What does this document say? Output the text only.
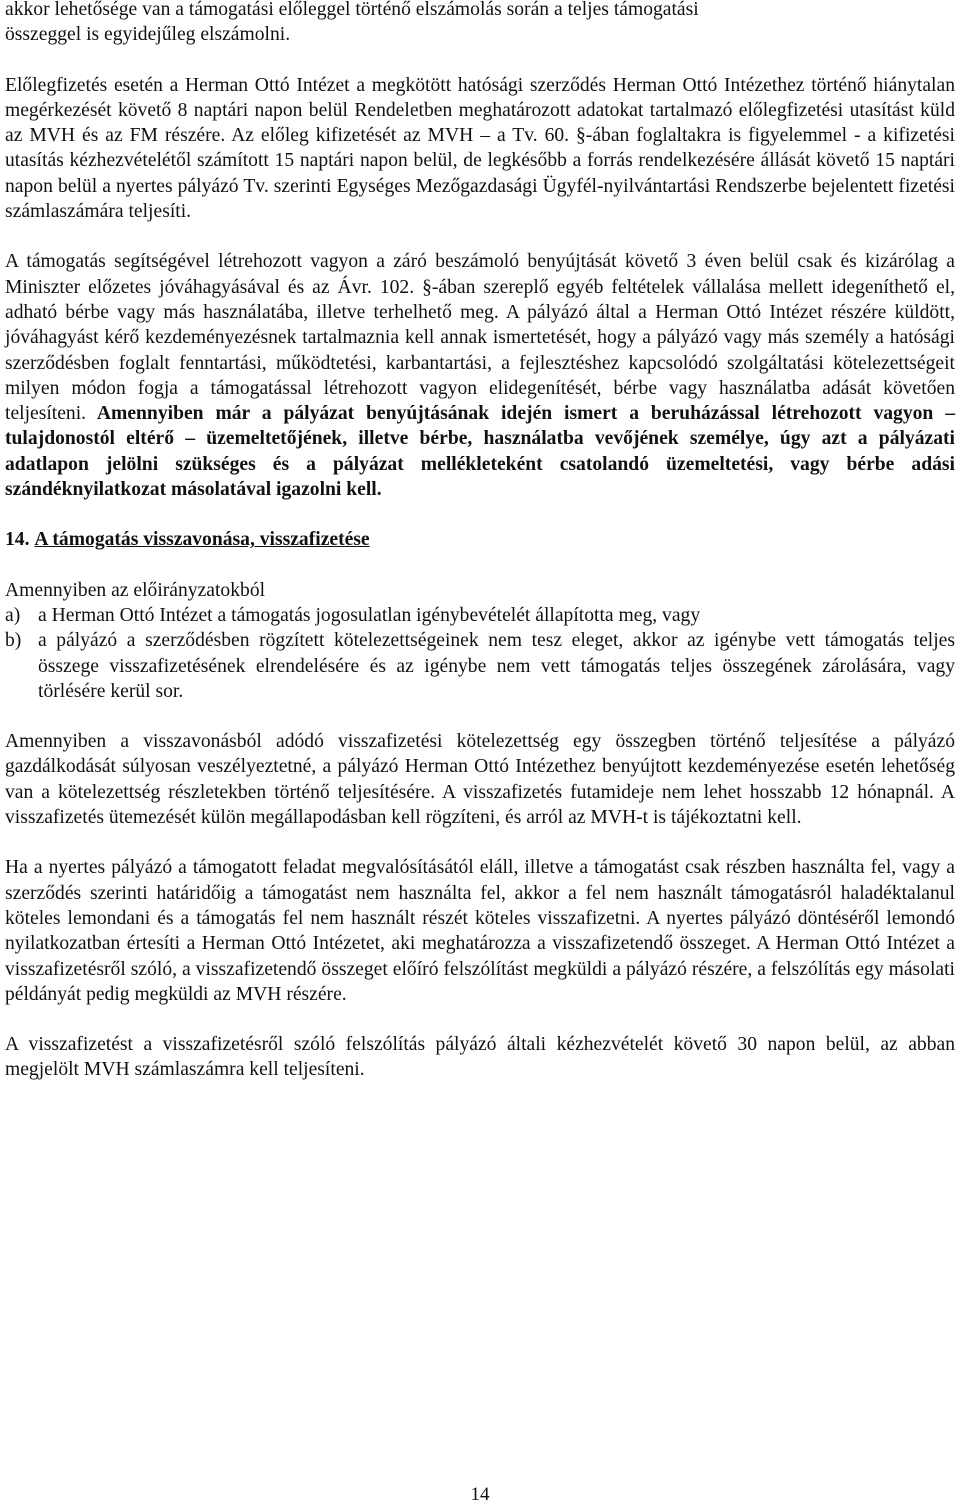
akkor lehetősége van a támogatási előleggel történő elszámolás során a teljes támogatási
összeggel is egyidejűleg elszámolni.

Előlegfizetés esetén a Herman Ottó Intézet a megkötött hatósági szerződés Herman Ottó Intézethez történő hiánytalan megérkezését követő 8 naptári napon belül Rendeletben meghatározott adatokat tartalmazó előlegfizetési utasítást küld az MVH és az FM részére. Az előleg kifizetését az MVH – a Tv. 60. §-ában foglaltakra is figyelemmel - a kifizetési utasítás kézhezvételétől számított 15 naptári napon belül, de legkésőbb a forrás rendelkezésére állását követő 15 naptári napon belül a nyertes pályázó Tv. szerinti Egységes Mezőgazdasági Ügyfél-nyilvántartási Rendszerbe bejelentett fizetési számlaszámára teljesíti.

A támogatás segítségével létrehozott vagyon a záró beszámoló benyújtását követő 3 éven belül csak és kizárólag a Miniszter előzetes jóváhagyásával és az Ávr. 102. §-ában szereplő egyéb feltételek vállalása mellett idegeníthető el, adható bérbe vagy más használatába, illetve terhelhető meg. A pályázó által a Herman Ottó Intézet részére küldött, jóváhagyást kérő kezdeményezésnek tartalmaznia kell annak ismertetését, hogy a pályázó vagy más személy a hatósági szerződésben foglalt fenntartási, működtetési, karbantartási, a fejlesztéshez kapcsolódó szolgáltatási kötelezettségeit milyen módon fogja a támogatással létrehozott vagyon elidegenítését, bérbe vagy használatba adását követően teljesíteni. Amennyiben már a pályázat benyújtásának idején ismert a beruházással létrehozott vagyon – tulajdonostól eltérő – üzemeltetőjének, illetve bérbe, használatba vevőjének személye, úgy azt a pályázati adatlapon jelölni szükséges és a pályázat mellékleteként csatolandó üzemeltetési, vagy bérbe adási szándéknyilatkozat másolatával igazolni kell.

14. A támogatás visszavonása, visszafizetése

Amennyiben az előirányzatokból

a) a Herman Ottó Intézet a támogatás jogosulatlan igénybevételét állapította meg, vagy
b) a pályázó a szerződésben rögzített kötelezettségeinek nem tesz eleget, akkor az igénybe vett támogatás teljes összege visszafizetésének elrendelésére és az igénybe nem vett támogatás teljes összegének zárolására, vagy törlésére kerül sor.

Amennyiben a visszavonásból adódó visszafizetési kötelezettség egy összegben történő teljesítése a pályázó gazdálkodását súlyosan veszélyeztetné, a pályázó Herman Ottó Intézethez benyújtott kezdeményezése esetén lehetőség van a kötelezettség részletekben történő teljesítésére. A visszafizetés futamideje nem lehet hosszabb 12 hónapnál. A visszafizetés ütemezését külön megállapodásban kell rögzíteni, és arról az MVH-t is tájékoztatni kell.

Ha a nyertes pályázó a támogatott feladat megvalósításától eláll, illetve a támogatást csak részben használta fel, vagy a szerződés szerinti határidőig a támogatást nem használta fel, akkor a fel nem használt támogatásról haladéktalanul köteles lemondani és a támogatás fel nem használt részét köteles visszafizetni. A nyertes pályázó döntéséről lemondó nyilatkozatban értesíti a Herman Ottó Intézetet, aki meghatározza a visszafizetendő összeget. A Herman Ottó Intézet a visszafizetésről szóló, a visszafizetendő összeget előíró felszólítást megküldi a pályázó részére, a felszólítás egy másolati példányát pedig megküldi az MVH részére.

A visszafizetést a visszafizetésről szóló felszólítás pályázó általi kézhezvételét követő 30 napon belül, az abban megjelölt MVH számlaszámra kell teljesíteni.

14
